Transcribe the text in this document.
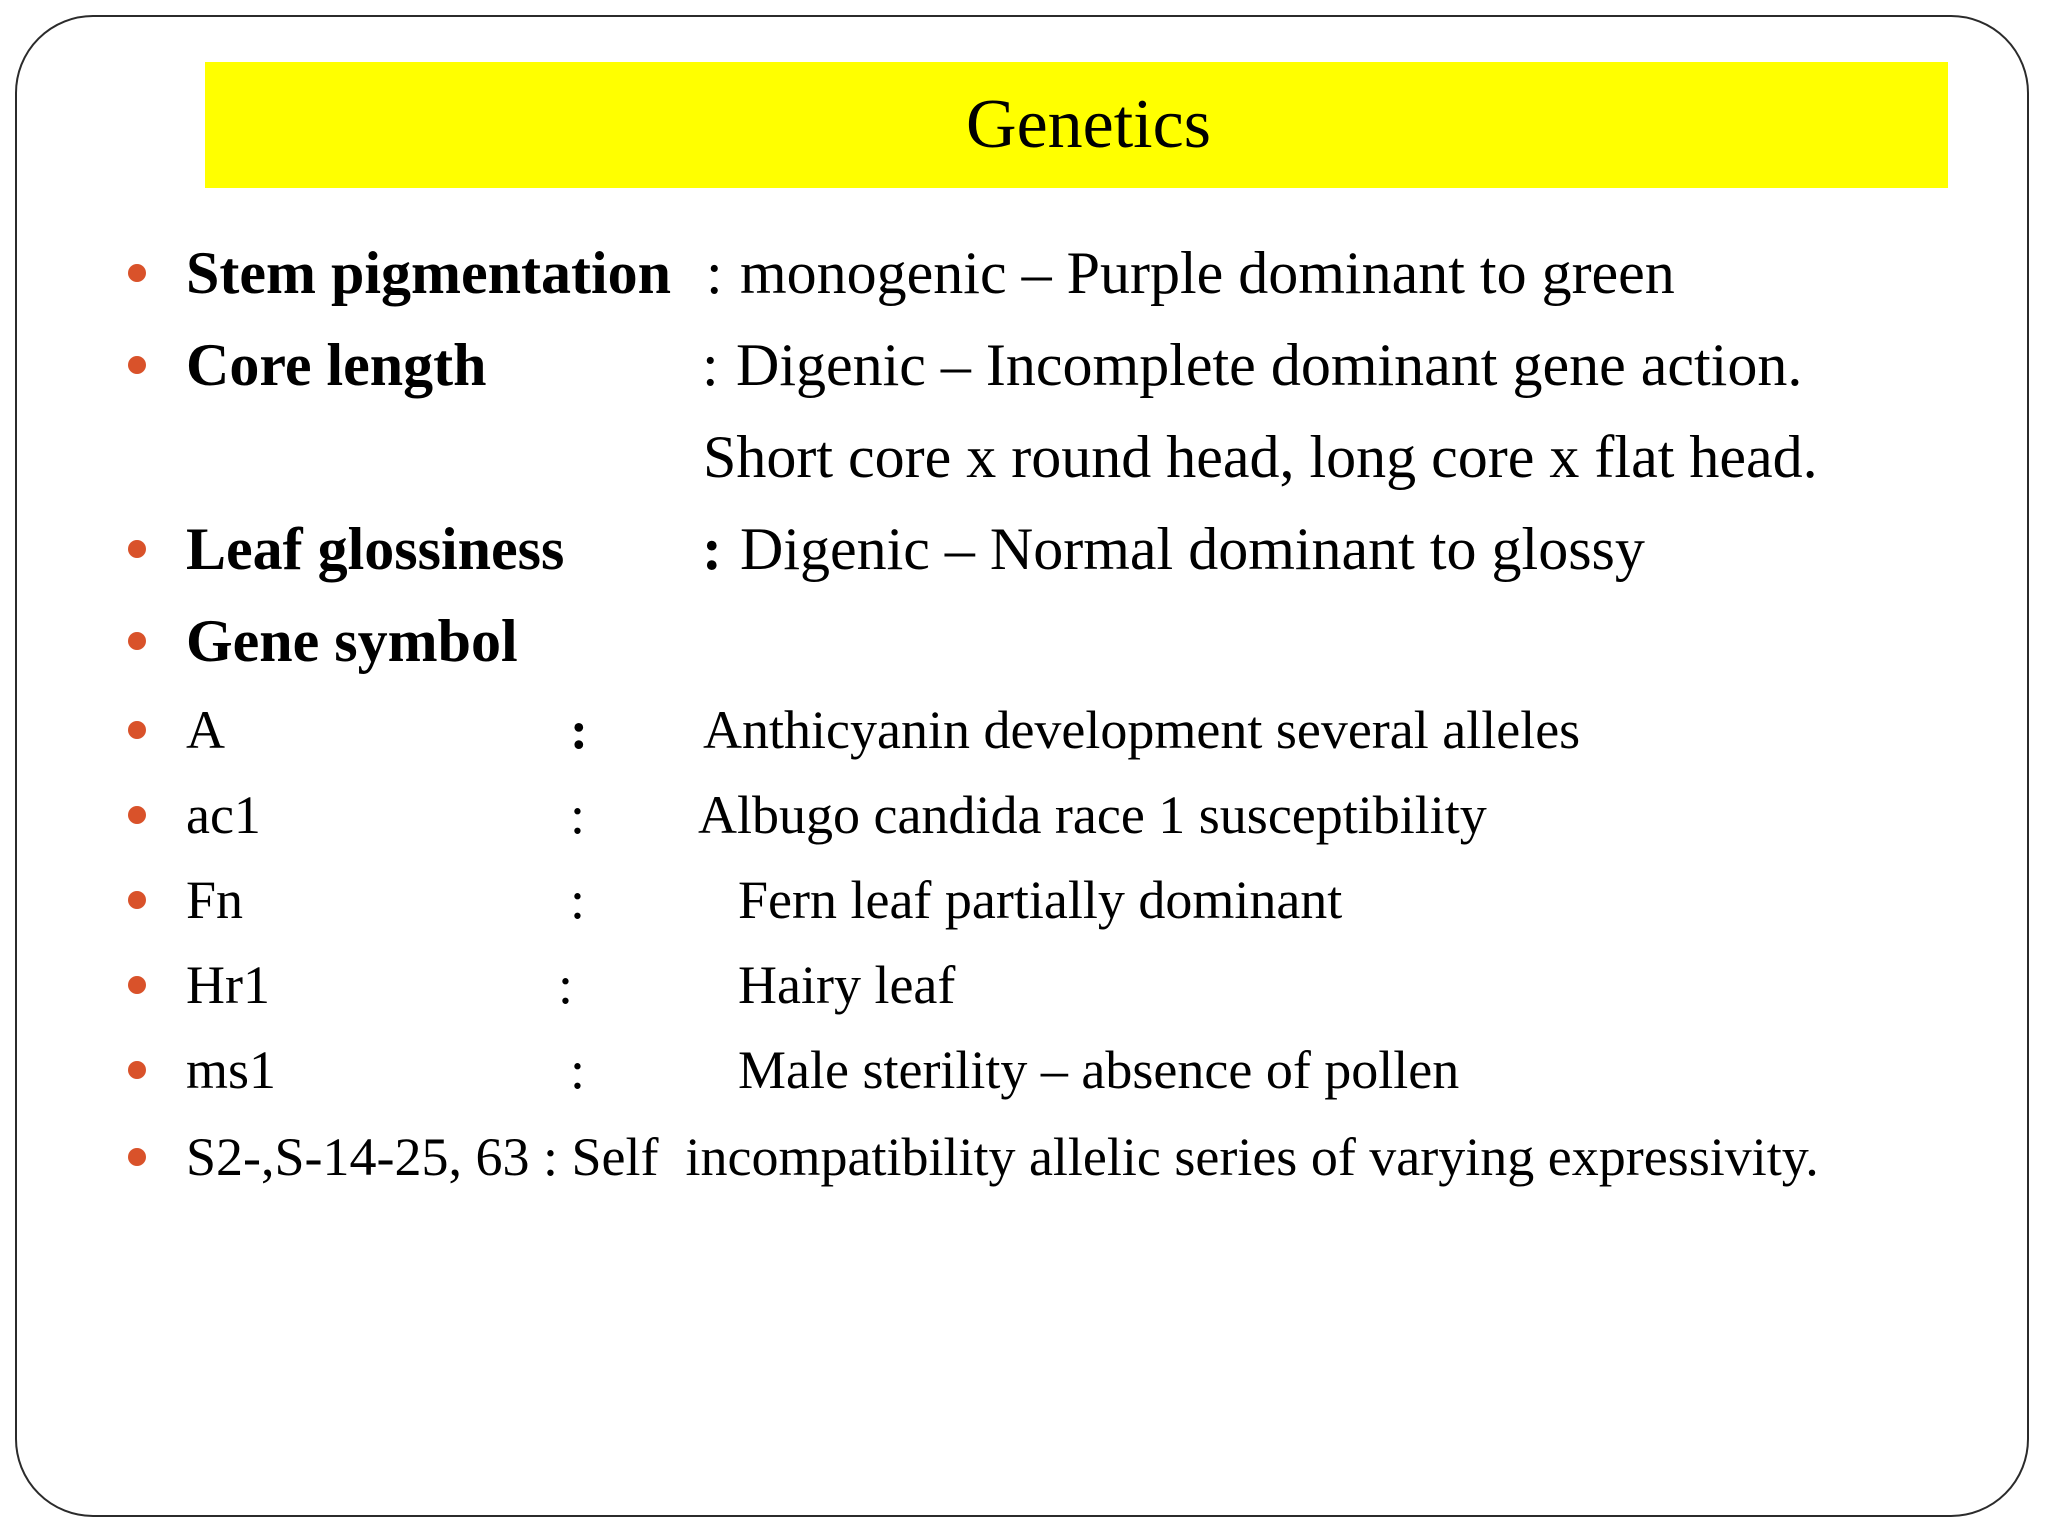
Genetics
Stem pigmentation : monogenic – Purple dominant to green
Core length	: Digenic – Incomplete dominant gene action.
Short core x round head, long core x flat head.
Leaf glossiness : Digenic – Normal dominant to glossy
Gene symbol
A	: Anthicyanin development several alleles
ac1	: Albugo candida race 1 susceptibility
Fn	:	Fern leaf partially dominant
Hr1	:	Hairy leaf
ms1	:	Male sterility – absence of pollen
S2-,S-14-25, 63 : Self  incompatibility allelic series of varying expressivity.
